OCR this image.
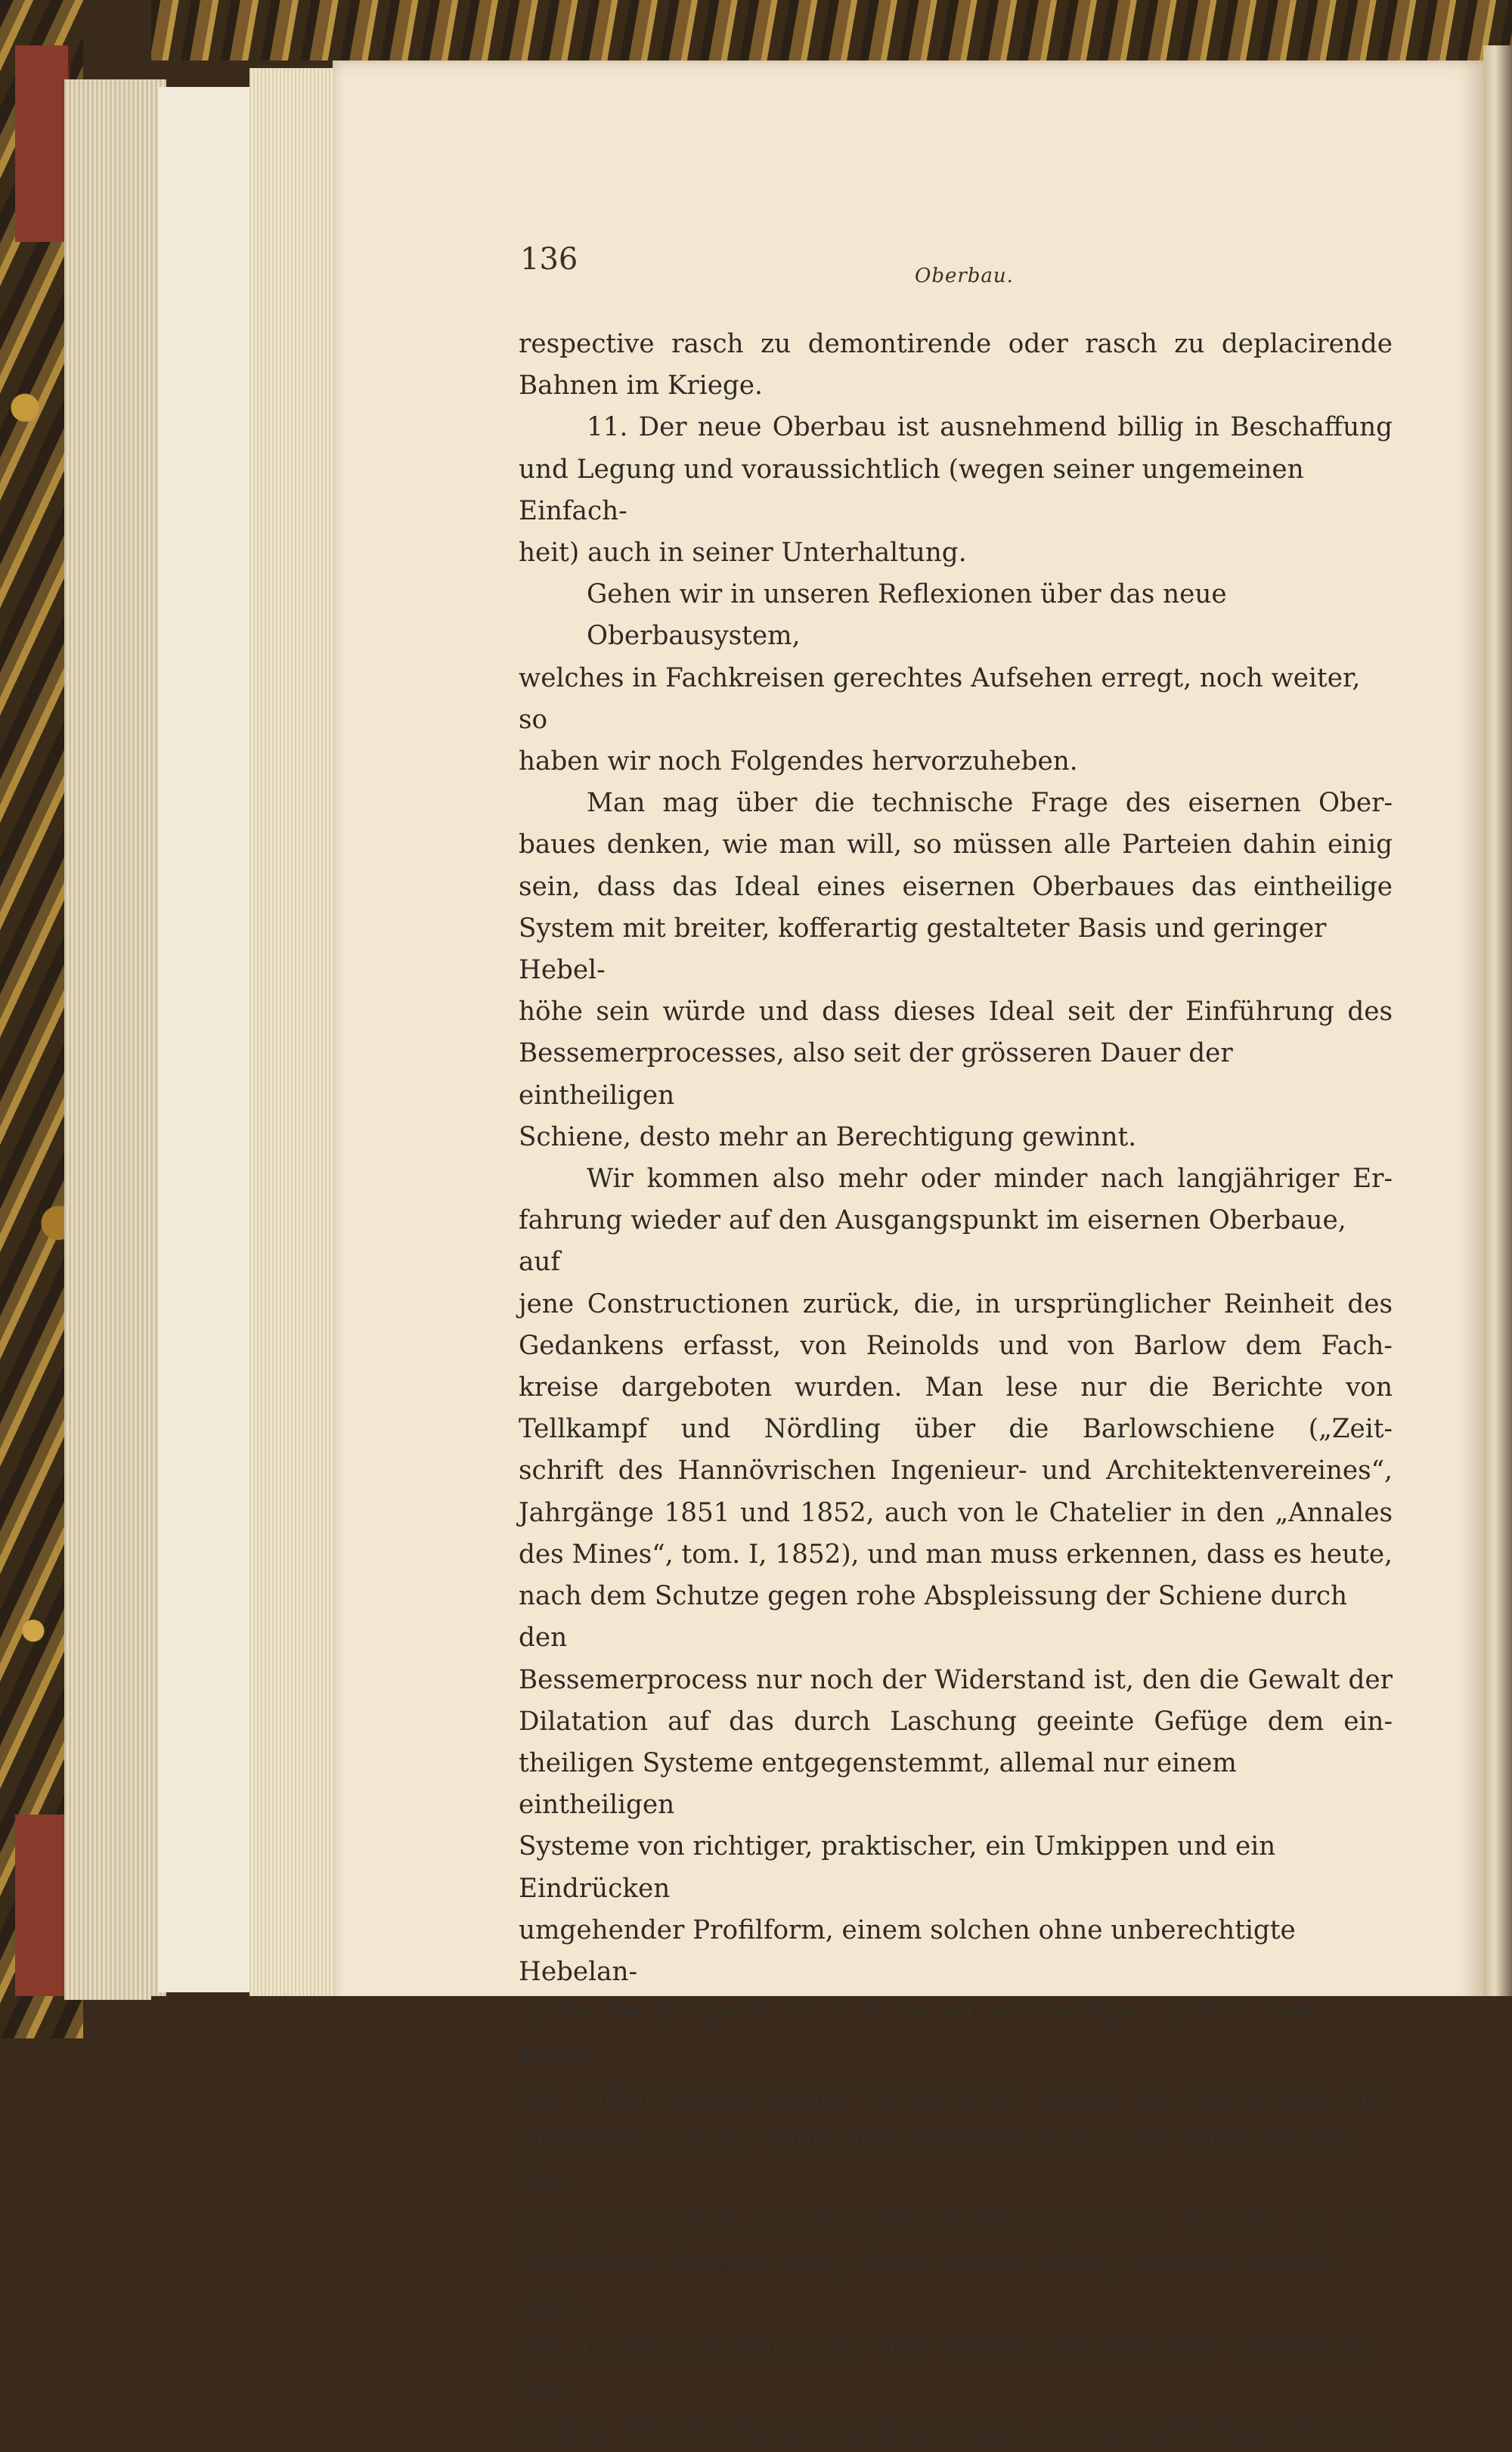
136	Oberbau.

respective rasch zu demontirende oder rasch zu deplacirende

Bahnen im Kriege.

11. Der neue Oberbau ist ausnehmend billig in Beschaffung

und Legung und voraussichtlich (wegen seiner ungemeinen Einfach-

heit) auch in seiner Unterhaltung.

Gehen wir in unseren Reflexionen über das neue Oberbausystem,

welches in Fachkreisen gerechtes Aufsehen erregt, noch weiter, so

haben wir noch Folgendes hervorzuheben.

Man mag über die technische Frage des eisernen Ober-

baues denken, wie man will, so müssen alle Parteien dahin einig

sein, dass das Ideal eines eisernen Oberbaues das eintheilige

System mit breiter, kofferartig gestalteter Basis und geringer Hebel-

höhe sein würde und dass dieses Ideal seit der Einführung des

Bessemerprocesses, also seit der grösseren Dauer der eintheiligen

Schiene, desto mehr an Berechtigung gewinnt.

Wir kommen also mehr oder minder nach langjähriger Er-

fahrung wieder auf den Ausgangspunkt im eisernen Oberbaue, auf

jene Constructionen zurück, die, in ursprünglicher Reinheit des

Gedankens erfasst, von Reinolds und von Barlow dem Fach-

kreise dargeboten wurden. Man lese nur die Berichte von

Tellkampf und Nördling über die Barlowschiene („Zeit-

schrift des Hannövrischen Ingenieur- und Architektenvereines“,

Jahrgänge 1851 und 1852, auch von le Chatelier in den „Annales

des Mines“, tom. I, 1852), und man muss erkennen, dass es heute,

nach dem Schutze gegen rohe Abspleissung der Schiene durch den

Bessemerprocess nur noch der Widerstand ist, den die Gewalt der

Dilatation auf das durch Laschung geeinte Gefüge dem ein-

theiligen Systeme entgegenstemmt, allemal nur einem eintheiligen

Systeme von richtiger, praktischer, ein Umkippen und ein Eindrücken

umgehender Profilform, einem solchen ohne unberechtigte Hebelan-

griffe. Derjenige Mann, welcher ein eintheiliges, praktisches Profil

mit völlig ausreichender Schutzwehr gegen die Nachtheile der

Dilatation schafft, wobei man unwillkürlich an die verbesserten Bar-

low'schen Sättel, an Reinolds' Muffen (vgl. pag. 6) oder an Auf-

fädeldorne denken muss, dieser Mann würde, unserer Ansicht nach,

das „Ei des Columbus“ auf dem Gebiete des eisernen Oberbaues hin-

stellen. Wie die Sache nun heute liegt, wo ein eintheiliges System
